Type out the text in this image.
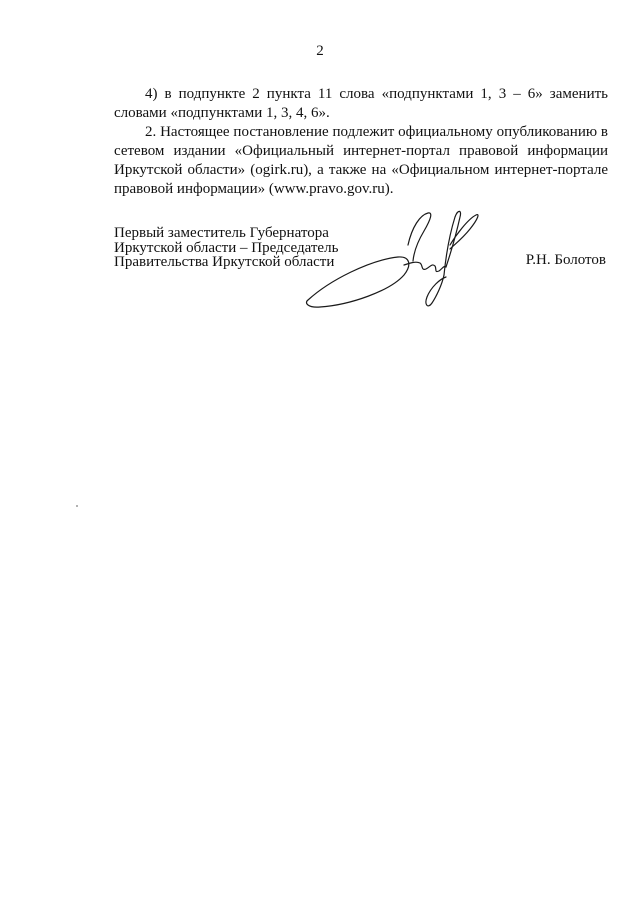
2

4) в подпункте 2 пункта 11 слова «подпунктами 1, 3 – 6» заменить словами «подпунктами 1, 3, 4, 6».

2. Настоящее постановление подлежит официальному опубликованию в сетевом издании «Официальный интернет-портал правовой информации Иркутской области» (ogirk.ru), а также на «Официальном интернет-портале правовой информации» (www.pravo.gov.ru).

Первый заместитель Губернатора
Иркутской области – Председатель
Правительства Иркутской области	Р.Н. Болотов
